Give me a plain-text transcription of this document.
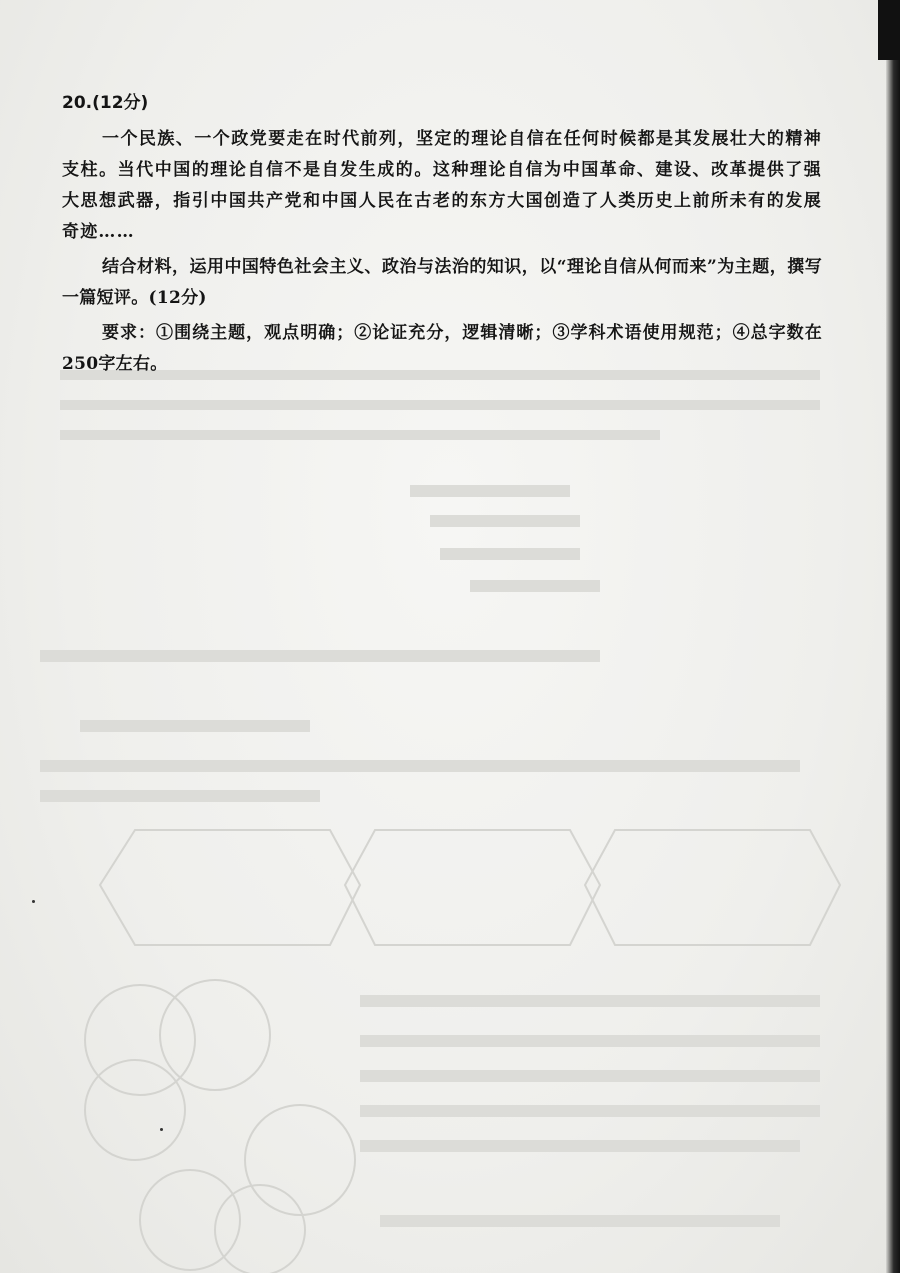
20.(12分)

一个民族、一个政党要走在时代前列，坚定的理论自信在任何时候都是其发展壮大的精神支柱。当代中国的理论自信不是自发生成的。这种理论自信为中国革命、建设、改革提供了强大思想武器，指引中国共产党和中国人民在古老的东方大国创造了人类历史上前所未有的发展奇迹……

结合材料，运用中国特色社会主义、政治与法治的知识，以“理论自信从何而来”为主题，撰写一篇短评。(12分)

要求：①围绕主题，观点明确；②论证充分，逻辑清晰；③学科术语使用规范；④总字数在250字左右。
